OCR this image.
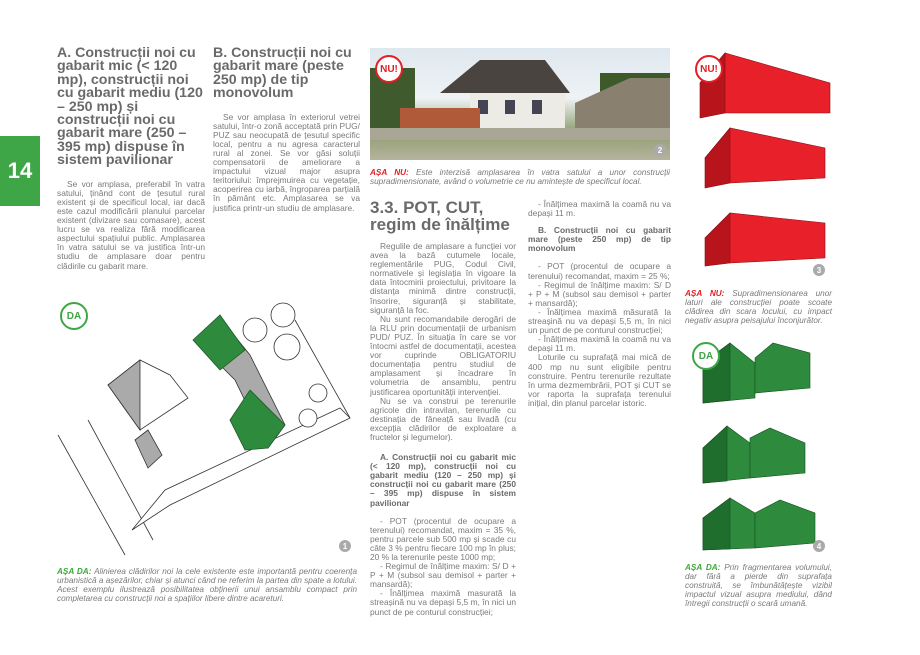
14

A. Construcții noi cu gabarit mic (< 120 mp), construcții noi cu gabarit mediu (120 – 250 mp) și construcții noi cu gabarit mare (250 – 395 mp) dispuse în sistem pavilionar

Se vor amplasa, preferabil în vatra satului, ținând cont de țesutul rural existent și de specificul local, iar dacă este cazul modificării planului parcelar existent (divizare sau comasare), acest lucru se va realiza fără modificarea aspectului spațiului public. Amplasarea în vatra satului se va justifica într-un studiu de amplasare doar pentru clădirile cu gabarit mare.

B. Construcții noi cu gabarit mare (peste 250 mp) de tip monovolum

Se vor amplasa în exteriorul vetrei satului, într-o zonă acceptată prin PUG/ PUZ sau neocupată de țesutul specific local, pentru a nu agresa caracterul rural al zonei. Se vor găsi soluții compensatorii de ameliorare a impactului vizual major asupra teritoriului: împrejmuirea cu vegetație, acoperirea cu iarbă, îngroparea parțială în pământ etc. Amplasarea se va justifica printr-un studiu de amplasare.

DA
1

AȘA DA: Alinierea clădirilor noi la cele existente este importantă pentru coerența urbanistică a așezărilor, chiar și atunci când ne referim la partea din spate a lotului. Acest exemplu ilustrează posibilitatea obținerii unui ansamblu compact prin completarea cu construcții noi a spațiilor libere dintre acareturi.

NU!
2

AȘA NU: Este interzisă amplasarea în vatra satului a unor construcții supradimensionate, având o volumetrie ce nu amintește de specificul local.

3.3. POT, CUT, regim de înălțime

Regulile de amplasare a funcției vor avea la bază cutumele locale, reglementările PUG, Codul Civil, normativele și legislația în vigoare la data întocmirii proiectului, privitoare la distanța minimă dintre construcții, însorire, siguranță și stabilitate, siguranță la foc.

Nu sunt recomandabile derogări de la RLU prin documentații de urbanism PUD/ PUZ. În situația în care se vor întocmi astfel de documentații, acestea vor cuprinde OBLIGATORIU documentația pentru studiul de amplasament și încadrare în volumetria de ansamblu, pentru justificarea oportunității intervenției.

Nu se va construi pe terenurile agricole din intravilan, terenurile cu destinația de fâneață sau livadă (cu excepția clădirilor de exploatare a fructelor și legumelor).

A. Construcții noi cu gabarit mic (< 120 mp), construcții noi cu gabarit mediu (120 – 250 mp) și construcții noi cu gabarit mare (250 – 395 mp) dispuse în sistem pavilionar

- POT (procentul de ocupare a terenului) recomandat, maxim = 35 %, pentru parcele sub 500 mp și scade cu câte 3 % pentru fiecare 100 mp în plus; 20 % la terenurile peste 1000 mp;

- Regimul de înălțime maxim: S/ D + P + M (subsol sau demisol + parter + mansardă);

- Înălțimea maximă masurată la streașină nu va depași 5,5 m, în nici un punct de pe conturul construcției;

- Înălțimea maximă la coamă nu va depași 11 m.

B. Construcții noi cu gabarit mare (peste 250 mp) de tip monovolum

- POT (procentul de ocupare a terenului) recomandat, maxim = 25 %;

- Regimul de înălțime maxim: S/ D + P + M (subsol sau demisol + parter + mansardă);

- Înălțimea maximă măsurată la streașină nu va depași 5,5 m, în nici un punct de pe conturul construcției;

- Înălțimea maximă la coamă nu va depași 11 m.

Loturile cu suprafață mai mică de 400 mp nu sunt eligibile pentru construire. Pentru terenurile rezultate în urma dezmembrării, POT și CUT se vor raporta la suprafața terenului inițial, din planul parcelar istoric.

NU!
3

AȘA NU: Supradimensionarea unor laturi ale construcției poate scoate clădirea din scara locului, cu impact negativ asupra peisajului înconjurător.

DA
4

AȘA DA: Prin fragmentarea volumului, dar fără a pierde din suprafața construită, se îmbunătățește vizibil impactul vizual asupra mediului, dând întregii construcții o scară umană.
